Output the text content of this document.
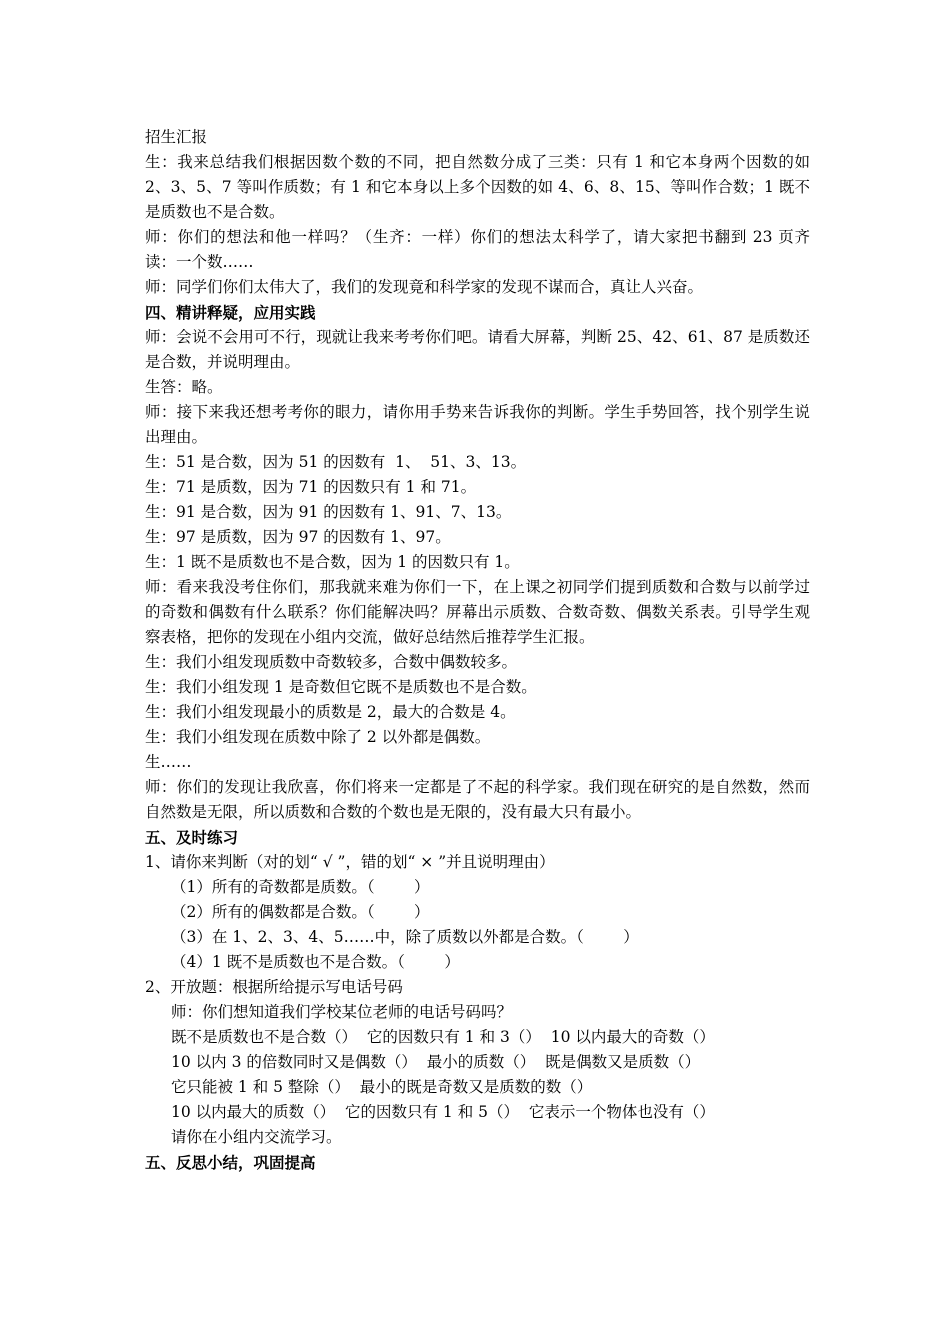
招生汇报

生：我来总结我们根据因数个数的不同，把自然数分成了三类：只有 1 和它本身两个因数的如 2、3、5、7 等叫作质数；有 1 和它本身以上多个因数的如 4、6、8、15、等叫作合数；1 既不是质数也不是合数。

师：你们的想法和他一样吗？（生齐：一样）你们的想法太科学了，请大家把书翻到 23 页齐读：一个数……

师：同学们你们太伟大了，我们的发现竟和科学家的发现不谋而合，真让人兴奋。

四、精讲释疑，应用实践

师：会说不会用可不行，现就让我来考考你们吧。请看大屏幕，判断 25、42、61、87 是质数还是合数，并说明理由。

生答：略。

师：接下来我还想考考你的眼力，请你用手势来告诉我你的判断。学生手势回答，找个别学生说出理由。

生：51 是合数，因为 51 的因数有  1、  51、3、13。

生：71 是质数，因为 71 的因数只有 1 和 71。

生：91 是合数，因为 91 的因数有 1、91、7、13。

生：97 是质数，因为 97 的因数有 1、97。

生：1 既不是质数也不是合数，因为 1 的因数只有 1。

师：看来我没考住你们，那我就来难为你们一下，在上课之初同学们提到质数和合数与以前学过的奇数和偶数有什么联系？你们能解决吗？屏幕出示质数、合数奇数、偶数关系表。引导学生观察表格，把你的发现在小组内交流，做好总结然后推荐学生汇报。

生：我们小组发现质数中奇数较多，合数中偶数较多。

生：我们小组发现 1 是奇数但它既不是质数也不是合数。

生：我们小组发现最小的质数是 2，最大的合数是 4。

生：我们小组发现在质数中除了 2 以外都是偶数。

生……

师：你们的发现让我欣喜，你们将来一定都是了不起的科学家。我们现在研究的是自然数，然而自然数是无限，所以质数和合数的个数也是无限的，没有最大只有最小。

五、及时练习

1、请你来判断（对的划“ √ ”，错的划“ × ”并且说明理由）

（1）所有的奇数都是质数。（        ）

（2）所有的偶数都是合数。（        ）

（3）在 1、2、3、4、5……中，除了质数以外都是合数。（        ）

（4）1 既不是质数也不是合数。（        ）

2、开放题：根据所给提示写电话号码

师：你们想知道我们学校某位老师的电话号码吗？

既不是质数也不是合数（）  它的因数只有 1 和 3（）  10 以内最大的奇数（）

10 以内 3 的倍数同时又是偶数（）  最小的质数（）  既是偶数又是质数（）

它只能被 1 和 5 整除（）  最小的既是奇数又是质数的数（）

10 以内最大的质数（）  它的因数只有 1 和 5（）  它表示一个物体也没有（）

请你在小组内交流学习。

五、反思小结，巩固提高
